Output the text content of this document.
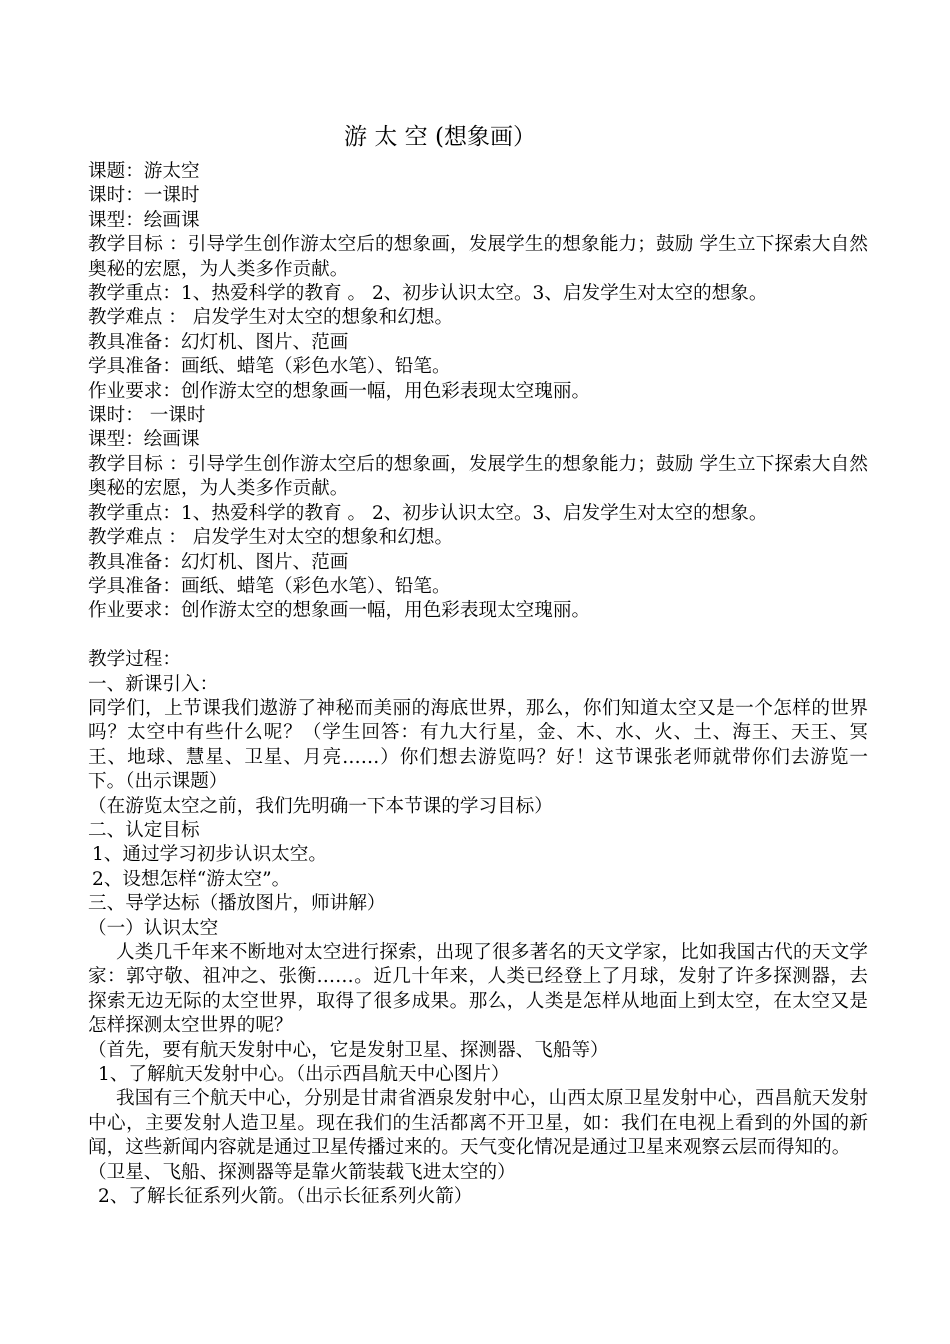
游 太 空 (想象画）

课题：游太空

课时：一课时

课型：绘画课

教学目标 ：引导学生创作游太空后的想象画，发展学生的想象能力；鼓励 学生立下探索大自然奥秘的宏愿，为人类多作贡献。

教学重点：1、热爱科学的教育 。 2、初步认识太空。3、启发学生对太空的想象。

教学难点 ： 启发学生对太空的想象和幻想。

教具准备：幻灯机、图片、范画

学具准备：画纸、蜡笔（彩色水笔）、铅笔。

作业要求：创作游太空的想象画一幅，用色彩表现太空瑰丽。

课时： 一课时

课型：绘画课

教学目标 ：引导学生创作游太空后的想象画，发展学生的想象能力；鼓励 学生立下探索大自然奥秘的宏愿，为人类多作贡献。

教学重点：1、热爱科学的教育 。 2、初步认识太空。3、启发学生对太空的想象。

教学难点 ： 启发学生对太空的想象和幻想。

教具准备：幻灯机、图片、范画

学具准备：画纸、蜡笔（彩色水笔）、铅笔。

作业要求：创作游太空的想象画一幅，用色彩表现太空瑰丽。

教学过程：

一、新课引入：

同学们，上节课我们遨游了神秘而美丽的海底世界，那么，你们知道太空又是一个怎样的世界吗？太空中有些什么呢？（学生回答：有九大行星，金、木、水、火、土、海王、天王、冥王、地球、慧星、卫星、月亮……）你们想去游览吗？好！这节课张老师就带你们去游览一下。（出示课题）

（在游览太空之前，我们先明确一下本节课的学习目标）

二、认定目标

1、通过学习初步认识太空。

2、设想怎样“游太空”。

三、导学达标（播放图片，师讲解）

（一）认识太空

人类几千年来不断地对太空进行探索，出现了很多著名的天文学家，比如我国古代的天文学家：郭守敬、祖冲之、张衡……。近几十年来，人类已经登上了月球，发射了许多探测器，去探索无边无际的太空世界，取得了很多成果。那么，人类是怎样从地面上到太空，在太空又是怎样探测太空世界的呢？

（首先，要有航天发射中心，它是发射卫星、探测器、飞船等）

1、了解航天发射中心。（出示西昌航天中心图片）

我国有三个航天中心，分别是甘肃省酒泉发射中心，山西太原卫星发射中心，西昌航天发射中心，主要发射人造卫星。现在我们的生活都离不开卫星，如：我们在电视上看到的外国的新闻，这些新闻内容就是通过卫星传播过来的。天气变化情况是通过卫星来观察云层而得知的。

（卫星、飞船、探测器等是靠火箭装载飞进太空的）

2、了解长征系列火箭。（出示长征系列火箭）
